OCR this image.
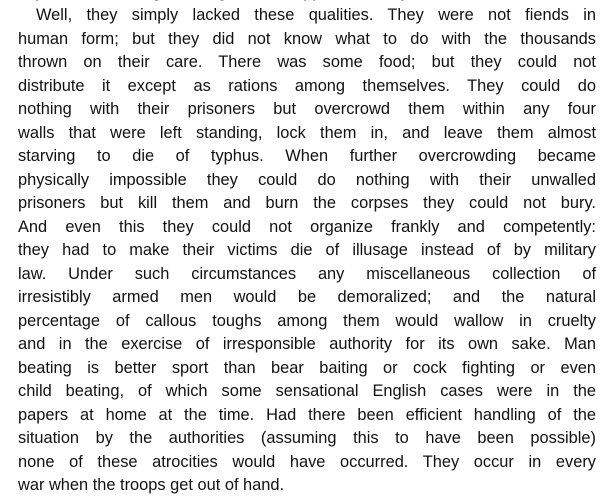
Well, they simply lacked these qualities. They were not fiends in
human form; but they did not know what to do with the thousands
thrown on their care. There was some food; but they could not
distribute it except as rations among themselves. They could do
nothing with their prisoners but overcrowd them within any four
walls that were left standing, lock them in, and leave them almost
starving to die of typhus. When further overcrowding became
physically impossible they could do nothing with their unwalled
prisoners but kill them and burn the corpses they could not bury.
And even this they could not organize frankly and competently:
they had to make their victims die of illusage instead of by military
law. Under such circumstances any miscellaneous collection of
irresistibly armed men would be demoralized; and the natural
percentage of callous toughs among them would wallow in cruelty
and in the exercise of irresponsible authority for its own sake. Man
beating is better sport than bear baiting or cock fighting or even
child beating, of which some sensational English cases were in the
papers at home at the time. Had there been efficient handling of the
situation by the authorities (assuming this to have been possible)
none of these atrocities would have occurred. They occur in every
war when the troops get out of hand.
